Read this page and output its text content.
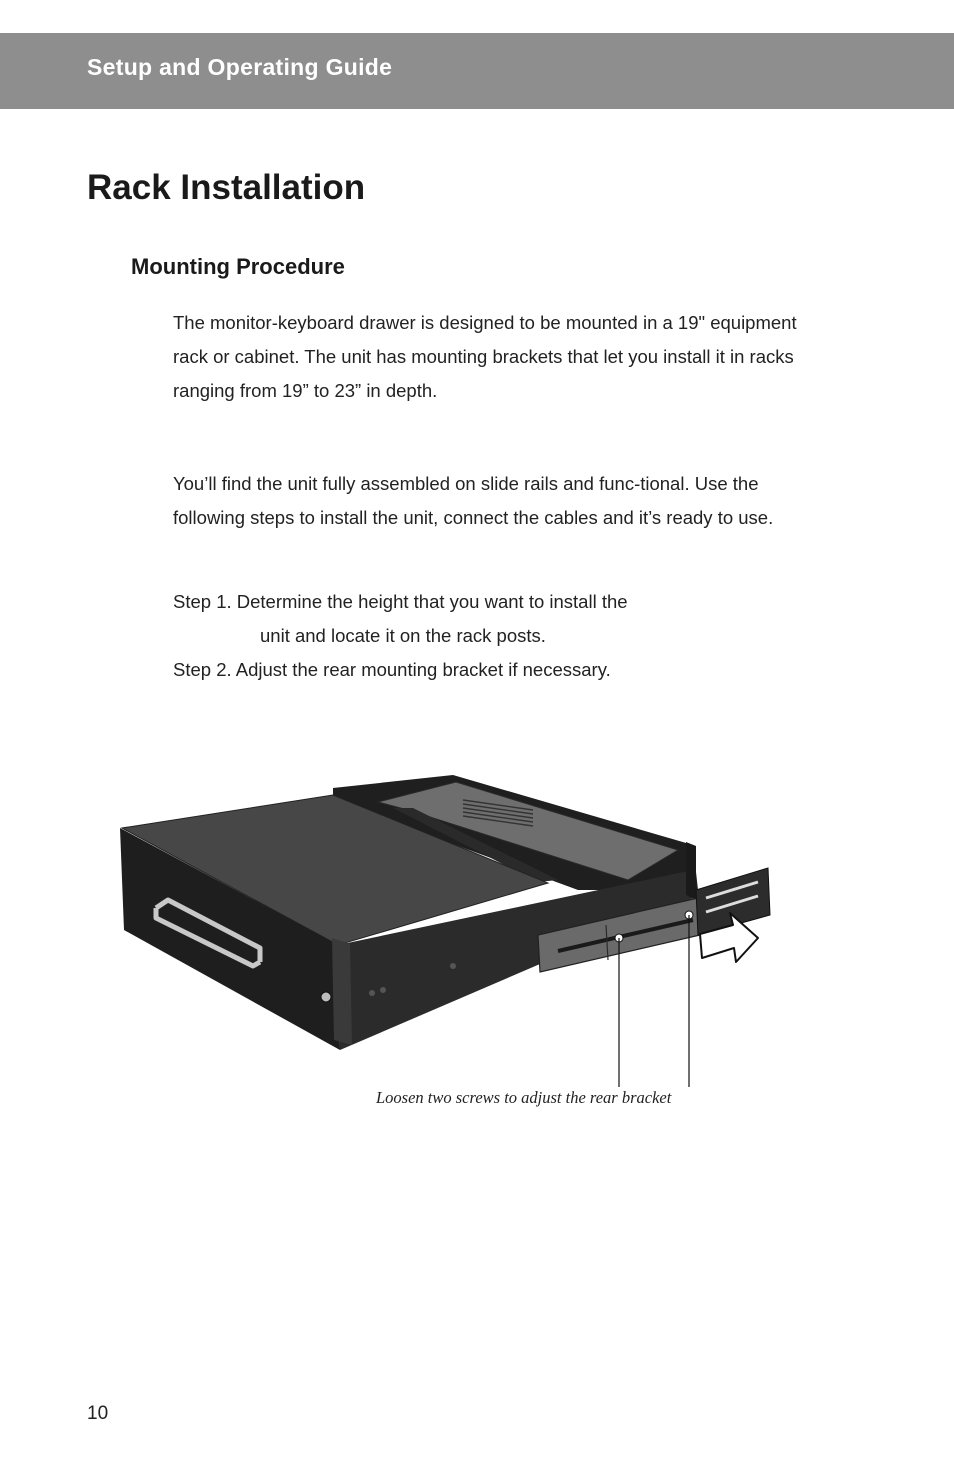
Setup and Operating Guide
Rack Installation
Mounting Procedure
The monitor-keyboard drawer is designed to be mounted in a 19" equipment rack or cabinet. The unit has mounting brackets that let you install it in racks ranging from 19” to 23” in depth.
You’ll find the unit fully assembled on slide rails and func-tional. Use the following steps to install the unit, connect the cables and it’s ready to use.
Step 1. Determine the height that you want to install the
unit and locate it on the rack posts.
Step 2. Adjust the rear mounting bracket if necessary.
Loosen two screws to adjust the rear bracket
10
